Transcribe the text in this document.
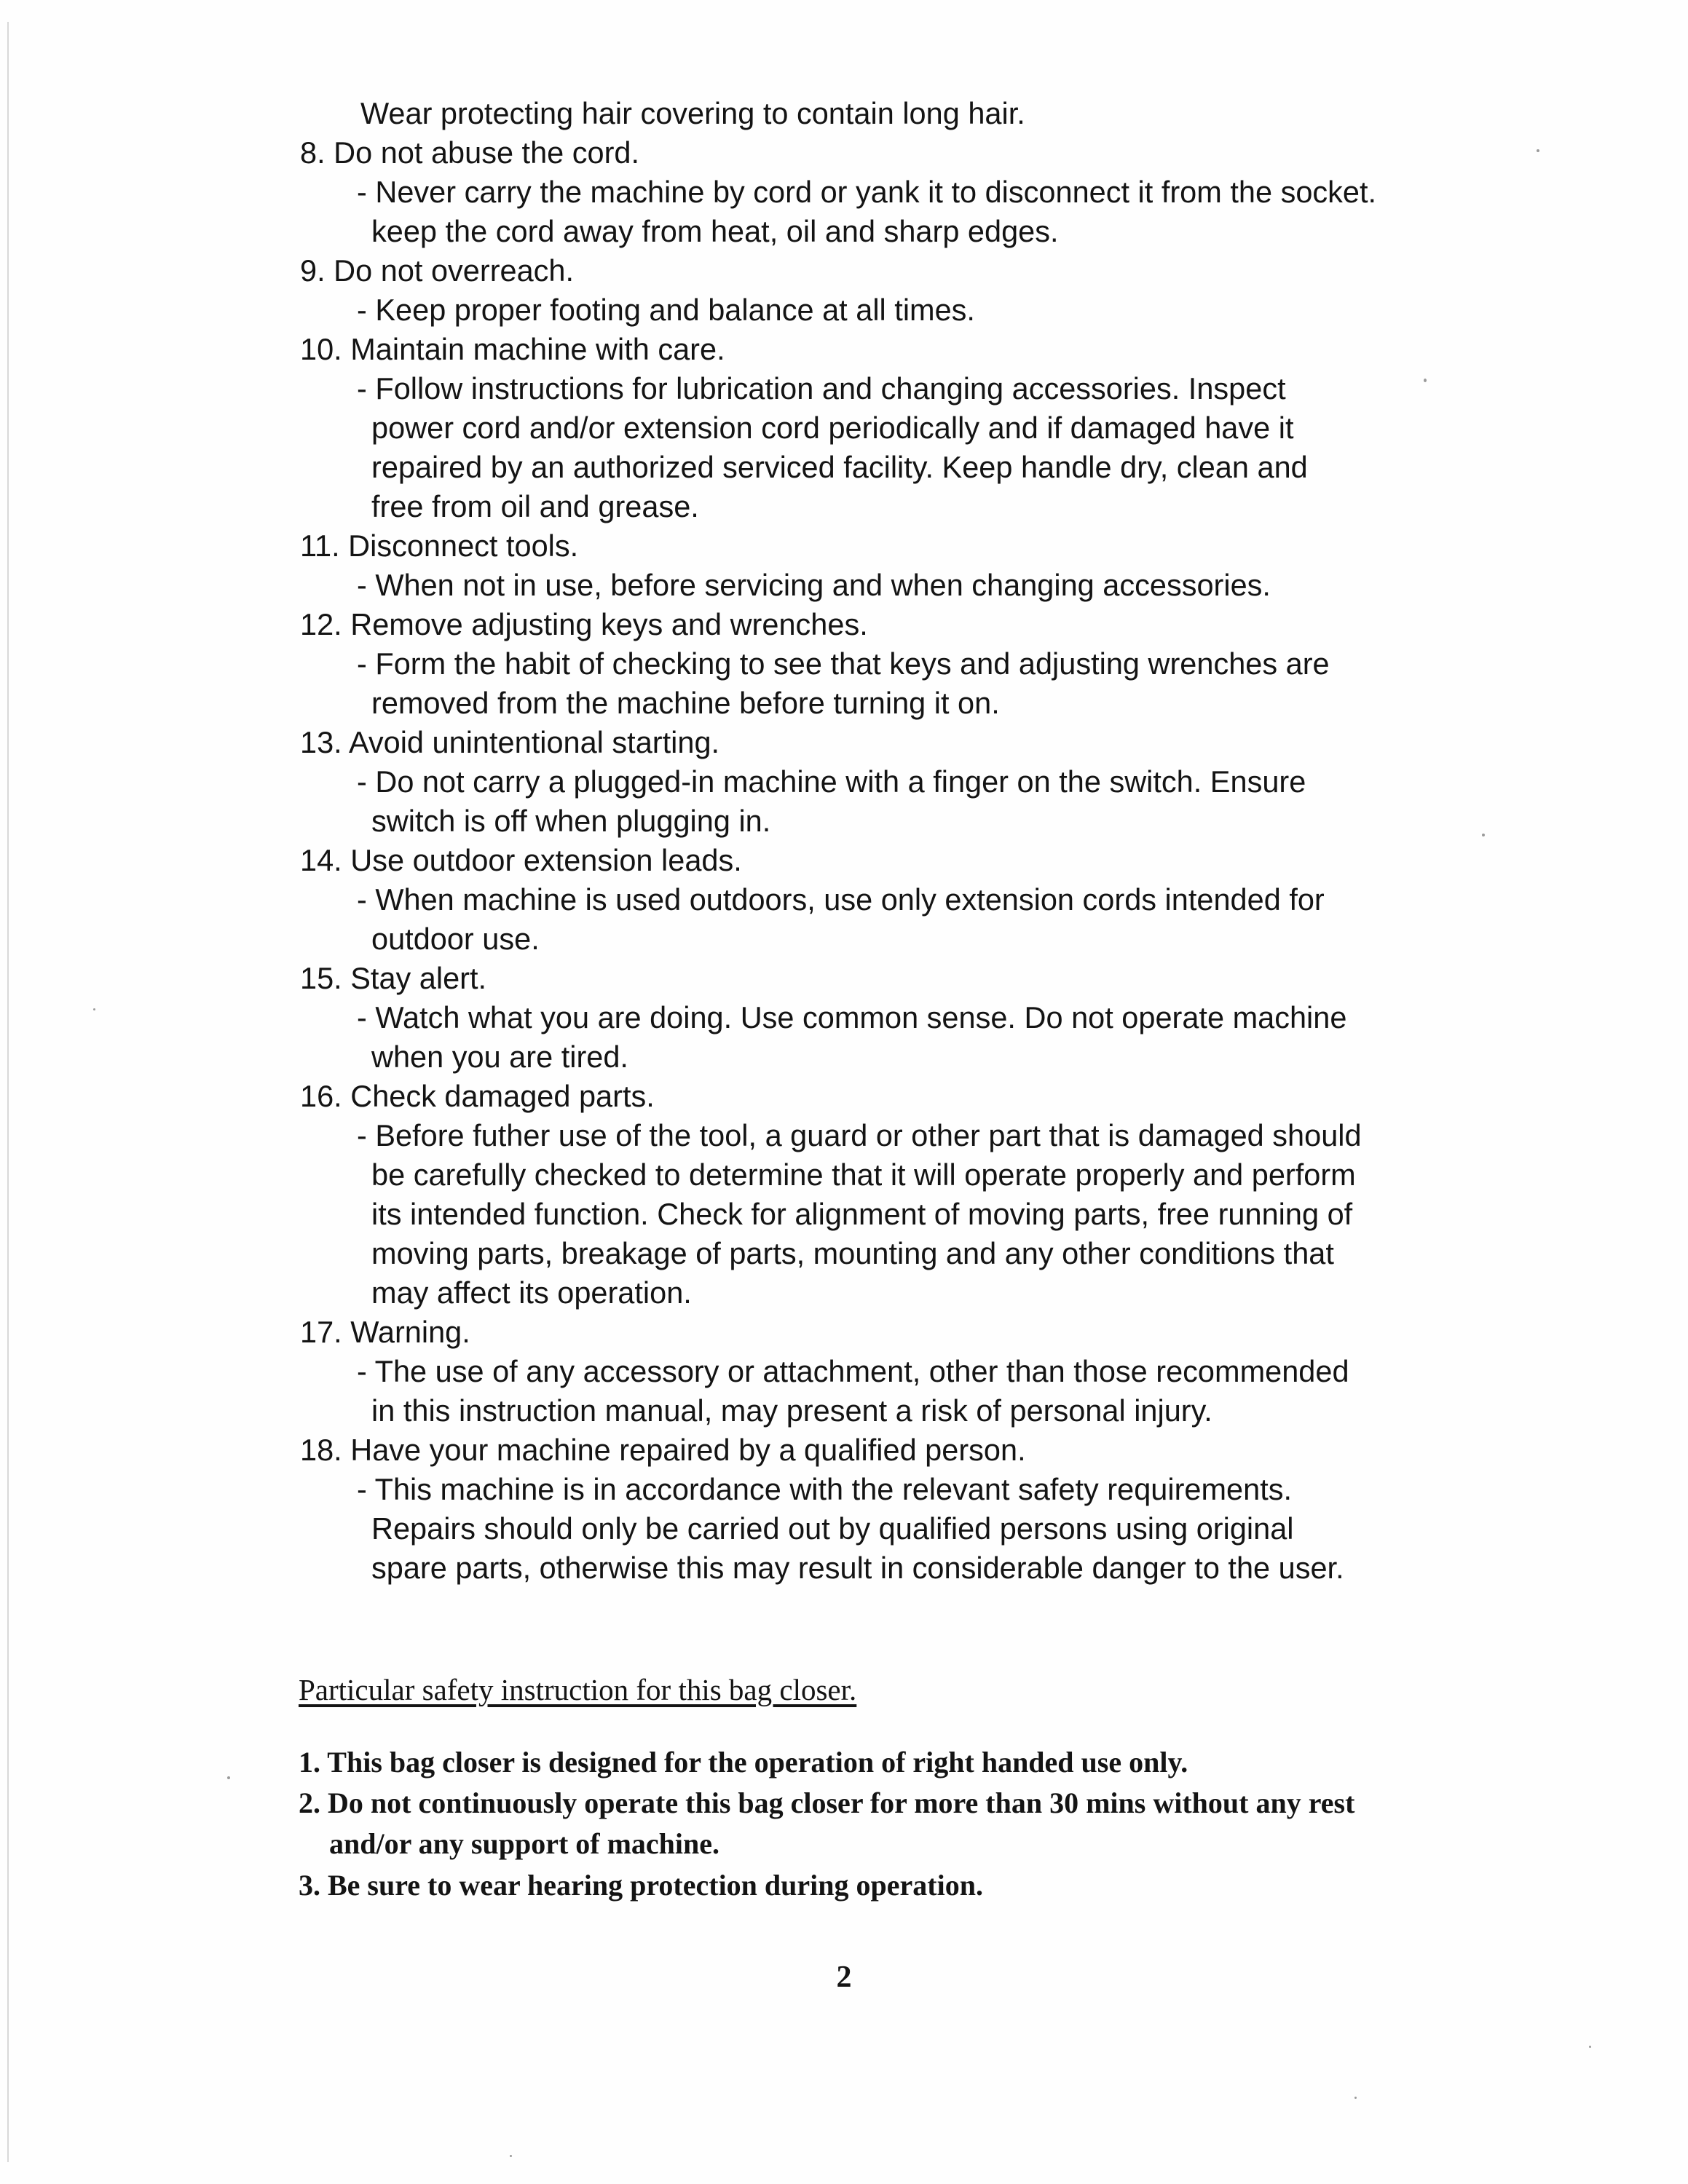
Wear protecting hair covering to contain long hair.
8. Do not abuse the cord.
- Never carry the machine by cord or yank it to disconnect it from the socket.
keep the cord away from heat, oil and sharp edges.
9. Do not overreach.
- Keep proper footing and balance at all times.
10. Maintain machine with care.
- Follow instructions for lubrication and changing accessories. Inspect
power cord and/or extension cord periodically and if damaged have it
repaired by an authorized serviced facility. Keep handle dry, clean and
free from oil and grease.
11. Disconnect tools.
- When not in use, before servicing and when changing accessories.
12. Remove adjusting keys and wrenches.
- Form the habit of checking to see that keys and adjusting wrenches are
removed from the machine before turning it on.
13. Avoid unintentional starting.
- Do not carry a plugged-in machine with a finger on the switch. Ensure
switch is off when plugging in.
14. Use outdoor extension leads.
- When machine is used outdoors, use only extension cords intended for
outdoor use.
15. Stay alert.
- Watch what you are doing. Use common sense. Do not operate machine
when you are tired.
16. Check damaged parts.
- Before futher use of the tool, a guard or other part that is damaged should
be carefully checked to determine that it will operate properly and perform
its intended function. Check for alignment of moving parts, free running of
moving parts, breakage of parts, mounting and any other conditions that
may affect its operation.
17. Warning.
- The use of any accessory or attachment, other than those recommended
in this instruction manual, may present a risk of personal injury.
18. Have your machine repaired by a qualified person.
- This machine is in accordance with the relevant safety requirements.
Repairs should only be carried out by qualified persons using original
spare parts, otherwise this may result in considerable danger to the user.
Particular safety instruction for this bag closer.
1. This bag closer is designed for the operation of right handed use only.
2. Do not continuously operate this bag closer for more than 30 mins without any rest
and/or any support of machine.
3. Be sure to wear hearing protection during operation.
2
